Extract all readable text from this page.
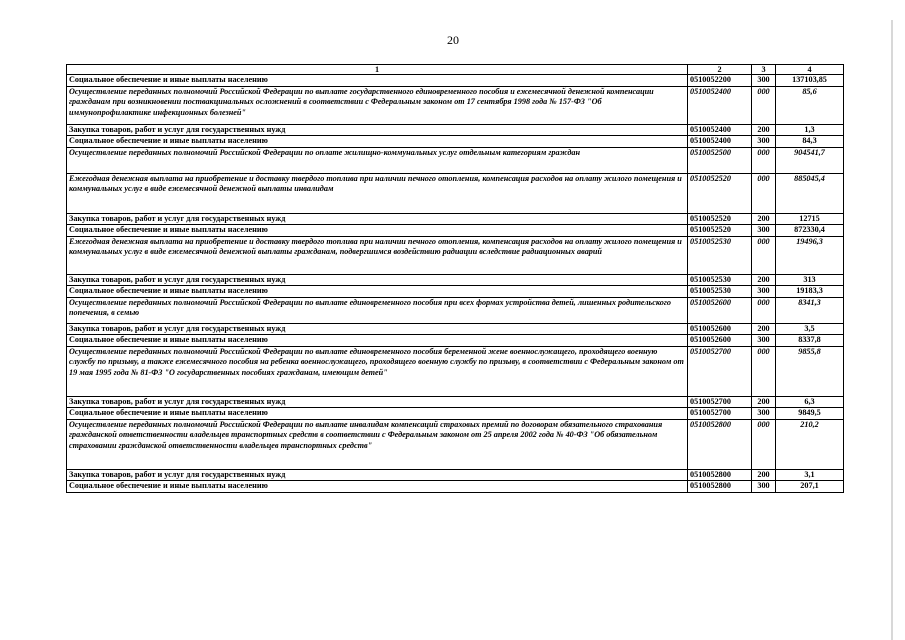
20
1	2	3	4
Социальное обеспечение и иные выплаты населению	0510052200	300	137103,85
Осуществление переданных полномочий Российской Федерации по выплате государственного единовременного пособия и ежемесячной денежной компенсации гражданам при возникновении поствакцинальных осложнений в соответствии с Федеральным законом от 17 сентября 1998 года № 157-ФЗ "Об иммунопрофилактике инфекционных болезней"	0510052400	000	85,6
Закупка товаров, работ и услуг для государственных нужд	0510052400	200	1,3
Социальное обеспечение и иные выплаты населению	0510052400	300	84,3
Осуществление переданных полномочий Российской Федерации по оплате жилищно-коммунальных услуг отдельным категориям граждан	0510052500	000	904541,7
Ежегодная денежная выплата на приобретение и доставку твердого топлива при наличии печного отопления, компенсация расходов на оплату жилого помещения и коммунальных услуг в виде ежемесячной денежной выплаты инвалидам	0510052520	000	885045,4
Закупка товаров, работ и услуг для государственных нужд	0510052520	200	12715
Социальное обеспечение и иные выплаты населению	0510052520	300	872330,4
Ежегодная денежная выплата на приобретение и доставку твердого топлива при наличии печного отопления, компенсация расходов на оплату жилого помещения и коммунальных услуг в виде ежемесячной денежной выплаты гражданам, подвергшимся воздействию радиации вследствие радиационных аварий	0510052530	000	19496,3
Закупка товаров, работ и услуг для государственных нужд	0510052530	200	313
Социальное обеспечение и иные выплаты населению	0510052530	300	19183,3
Осуществление переданных полномочий Российской Федерации по выплате единовременного пособия при всех формах устройства детей, лишенных родительского попечения, в семью	0510052600	000	8341,3
Закупка товаров, работ и услуг для государственных нужд	0510052600	200	3,5
Социальное обеспечение и иные выплаты населению	0510052600	300	8337,8
Осуществление переданных полномочий Российской Федерации по выплате единовременного пособия беременной жене военнослужащего, проходящего военную службу по призыву, а также ежемесячного пособия на ребенка военнослужащего, проходящего военную службу по призыву, в соответствии с Федеральным законом от 19 мая 1995 года № 81-ФЗ "О государственных пособиях гражданам, имеющим детей"	0510052700	000	9855,8
Закупка товаров, работ и услуг для государственных нужд	0510052700	200	6,3
Социальное обеспечение и иные выплаты населению	0510052700	300	9849,5
Осуществление переданных полномочий Российской Федерации по выплате инвалидам компенсаций страховых премий по договорам обязательного страхования гражданской ответственности владельцев транспортных средств в соответствии с Федеральным законом от 25 апреля 2002 года № 40-ФЗ "Об обязательном страховании гражданской ответственности владельцев транспортных средств"	0510052800	000	210,2
Закупка товаров, работ и услуг для государственных нужд	0510052800	200	3,1
Социальное обеспечение и иные выплаты населению	0510052800	300	207,1
